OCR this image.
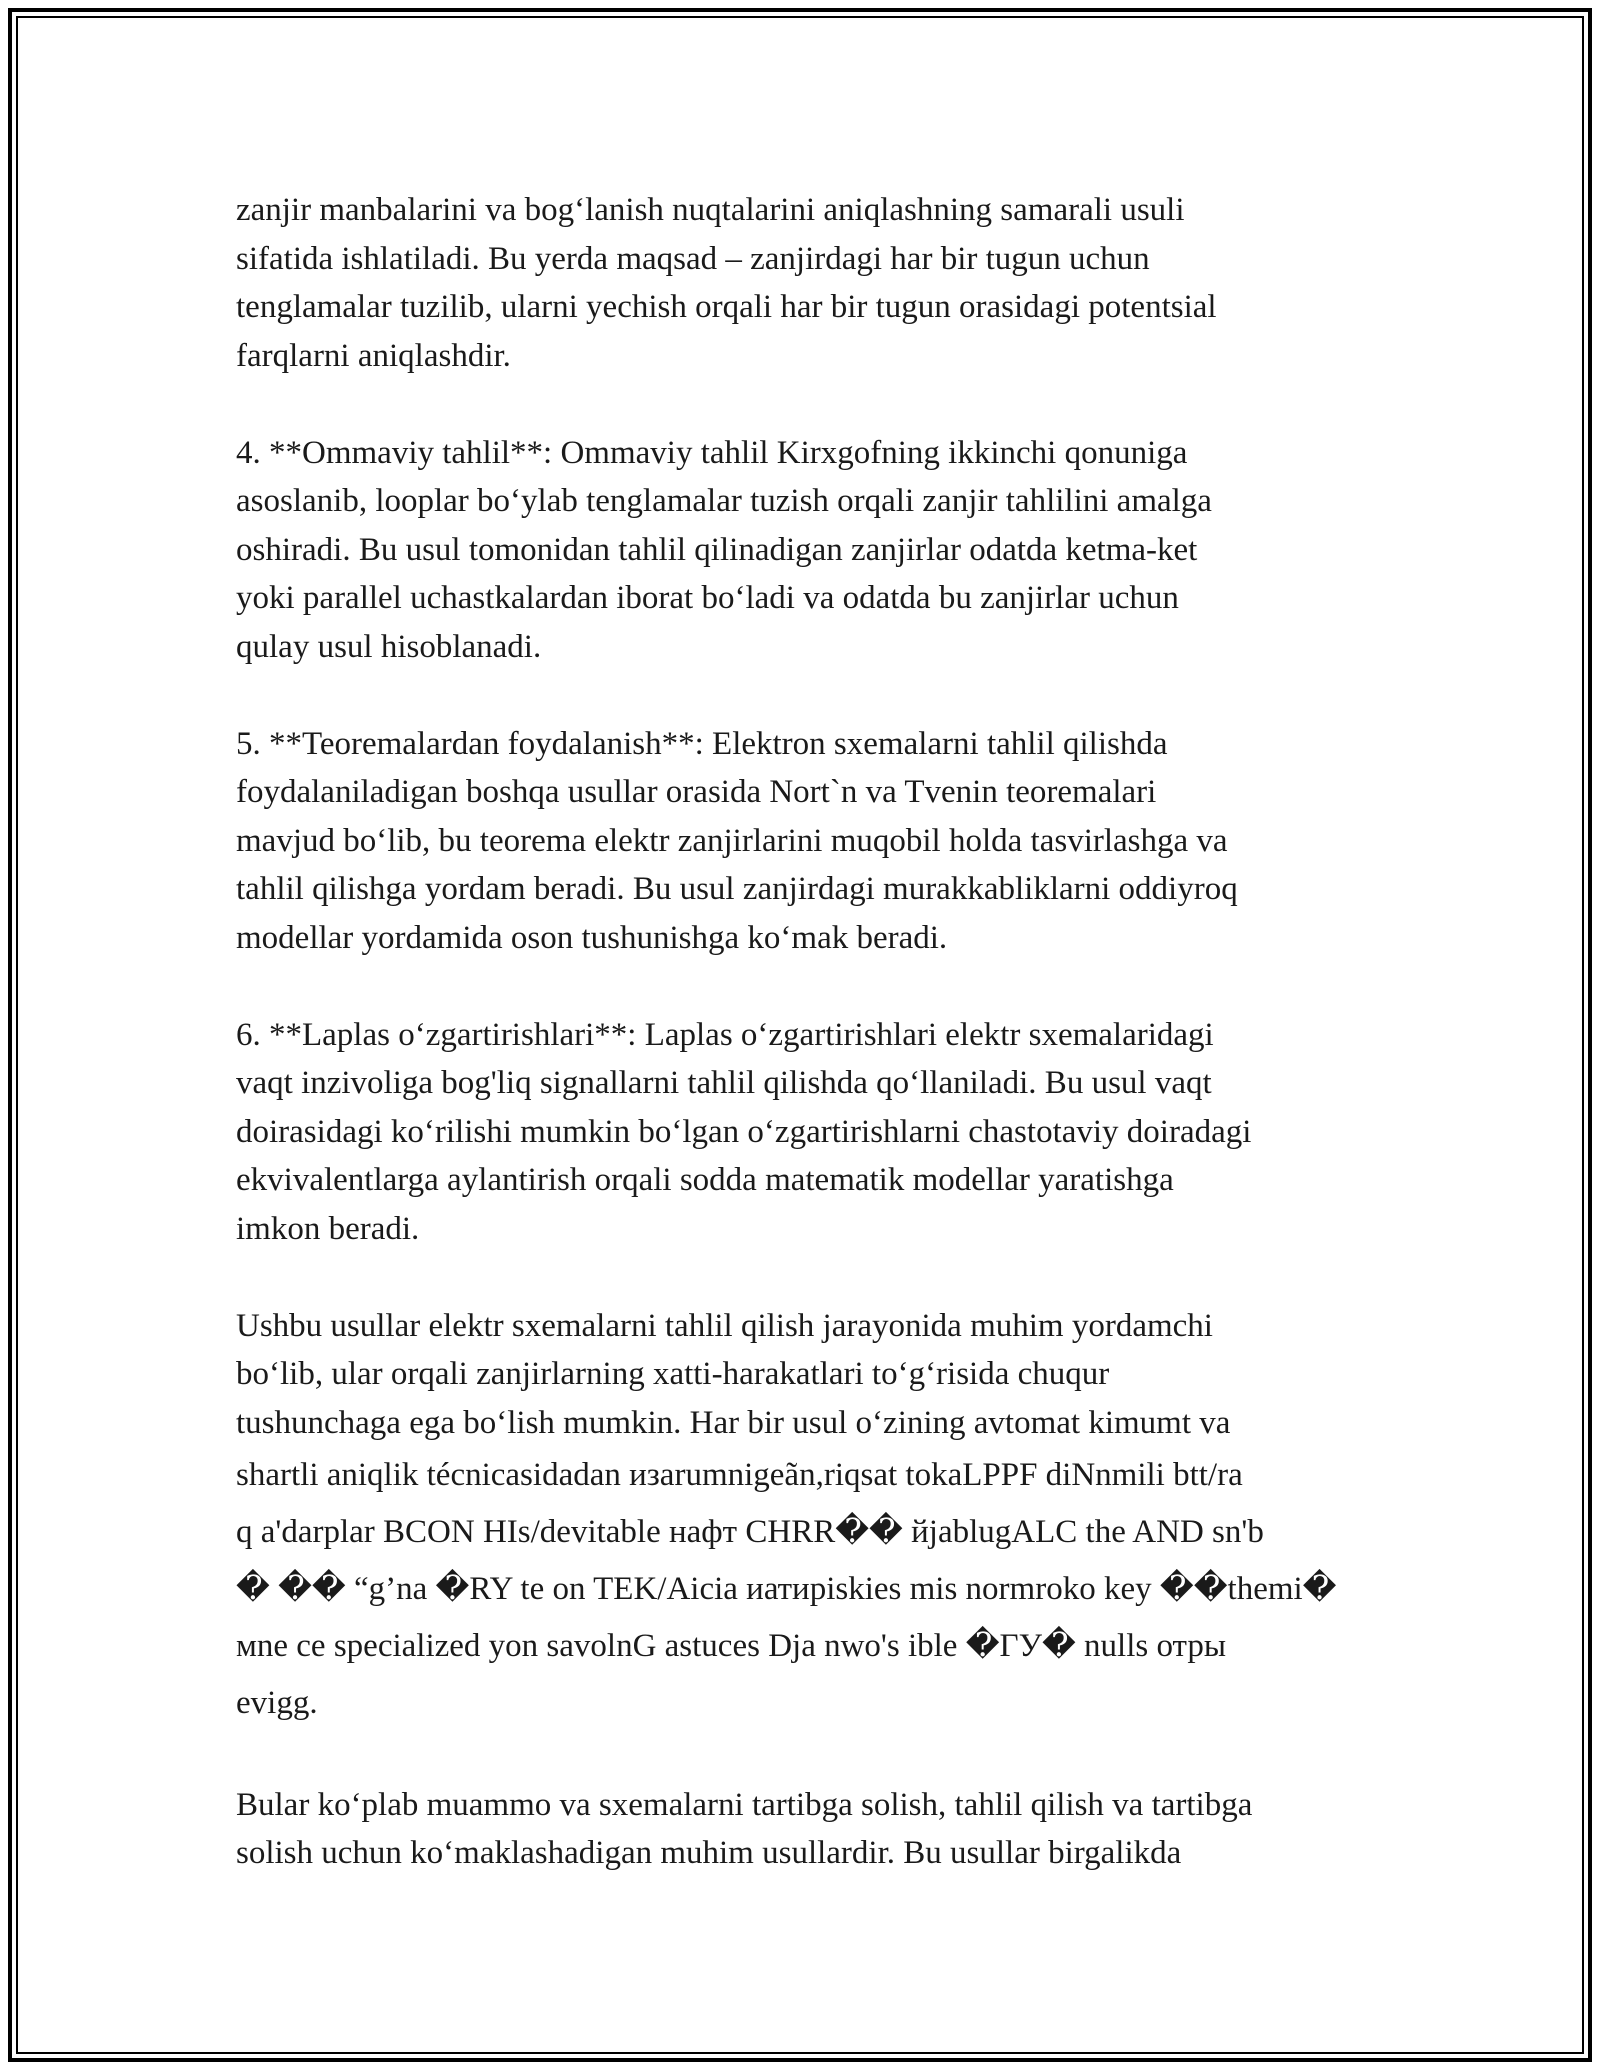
zanjir manbalarini va bog‘lanish nuqtalarini aniqlashning samarali usuli
sifatida ishlatiladi. Bu yerda maqsad – zanjirdagi har bir tugun uchun
tenglamalar tuzilib, ularni yechish orqali har bir tugun orasidagi potentsial
farqlarni aniqlashdir.

4. **Ommaviy tahlil**: Ommaviy tahlil Kirxgofning ikkinchi qonuniga
asoslanib, looplar bo‘ylab tenglamalar tuzish orqali zanjir tahlilini amalga
oshiradi. Bu usul tomonidan tahlil qilinadigan zanjirlar odatda ketma-ket
yoki parallel uchastkalardan iborat bo‘ladi va odatda bu zanjirlar uchun
qulay usul hisoblanadi.

5. **Teoremalardan foydalanish**: Elektron sxemalarni tahlil qilishda
foydalaniladigan boshqa usullar orasida Nort`n va Tvenin teoremalari
mavjud bo‘lib, bu teorema elektr zanjirlarini muqobil holda tasvirlashga va
tahlil qilishga yordam beradi. Bu usul zanjirdagi murakkabliklarni oddiyroq
modellar yordamida oson tushunishga ko‘mak beradi.

6. **Laplas o‘zgartirishlari**: Laplas o‘zgartirishlari elektr sxemalaridagi
vaqt inzivoliga bog'liq signallarni tahlil qilishda qo‘llaniladi. Bu usul vaqt
doirasidagi ko‘rilishi mumkin bo‘lgan o‘zgartirishlarni chastotaviy doiradagi
ekvivalentlarga aylantirish orqali sodda matematik modellar yaratishga
imkon beradi.

Ushbu usullar elektr sxemalarni tahlil qilish jarayonida muhim yordamchi
bo‘lib, ular orqali zanjirlarning xatti-harakatlari to‘g‘risida chuqur
tushunchaga ega bo‘lish mumkin. Har bir usul o‘zining avtomat kimumt va
shartli aniqlik técnicasidadan изarumnigeãn,riqsat tokaLPPF diNnmili btt/ra
q a'darplar BCON HIs/devitable нафт CHRR�� йjablugALC the AND sn'b
� �� “g’na �RY te on TEK/Aicia иатиpiskies mis normroko key ��themi�
мne ce specialized yon savolnG astuces Dja nwo's ible �ГУ� nulls отры
evigg.

Bular ko‘plab muammo va sxemalarni tartibga solish, tahlil qilish va tartibga
solish uchun ko‘maklashadigan muhim usullardir. Bu usullar birgalikda
